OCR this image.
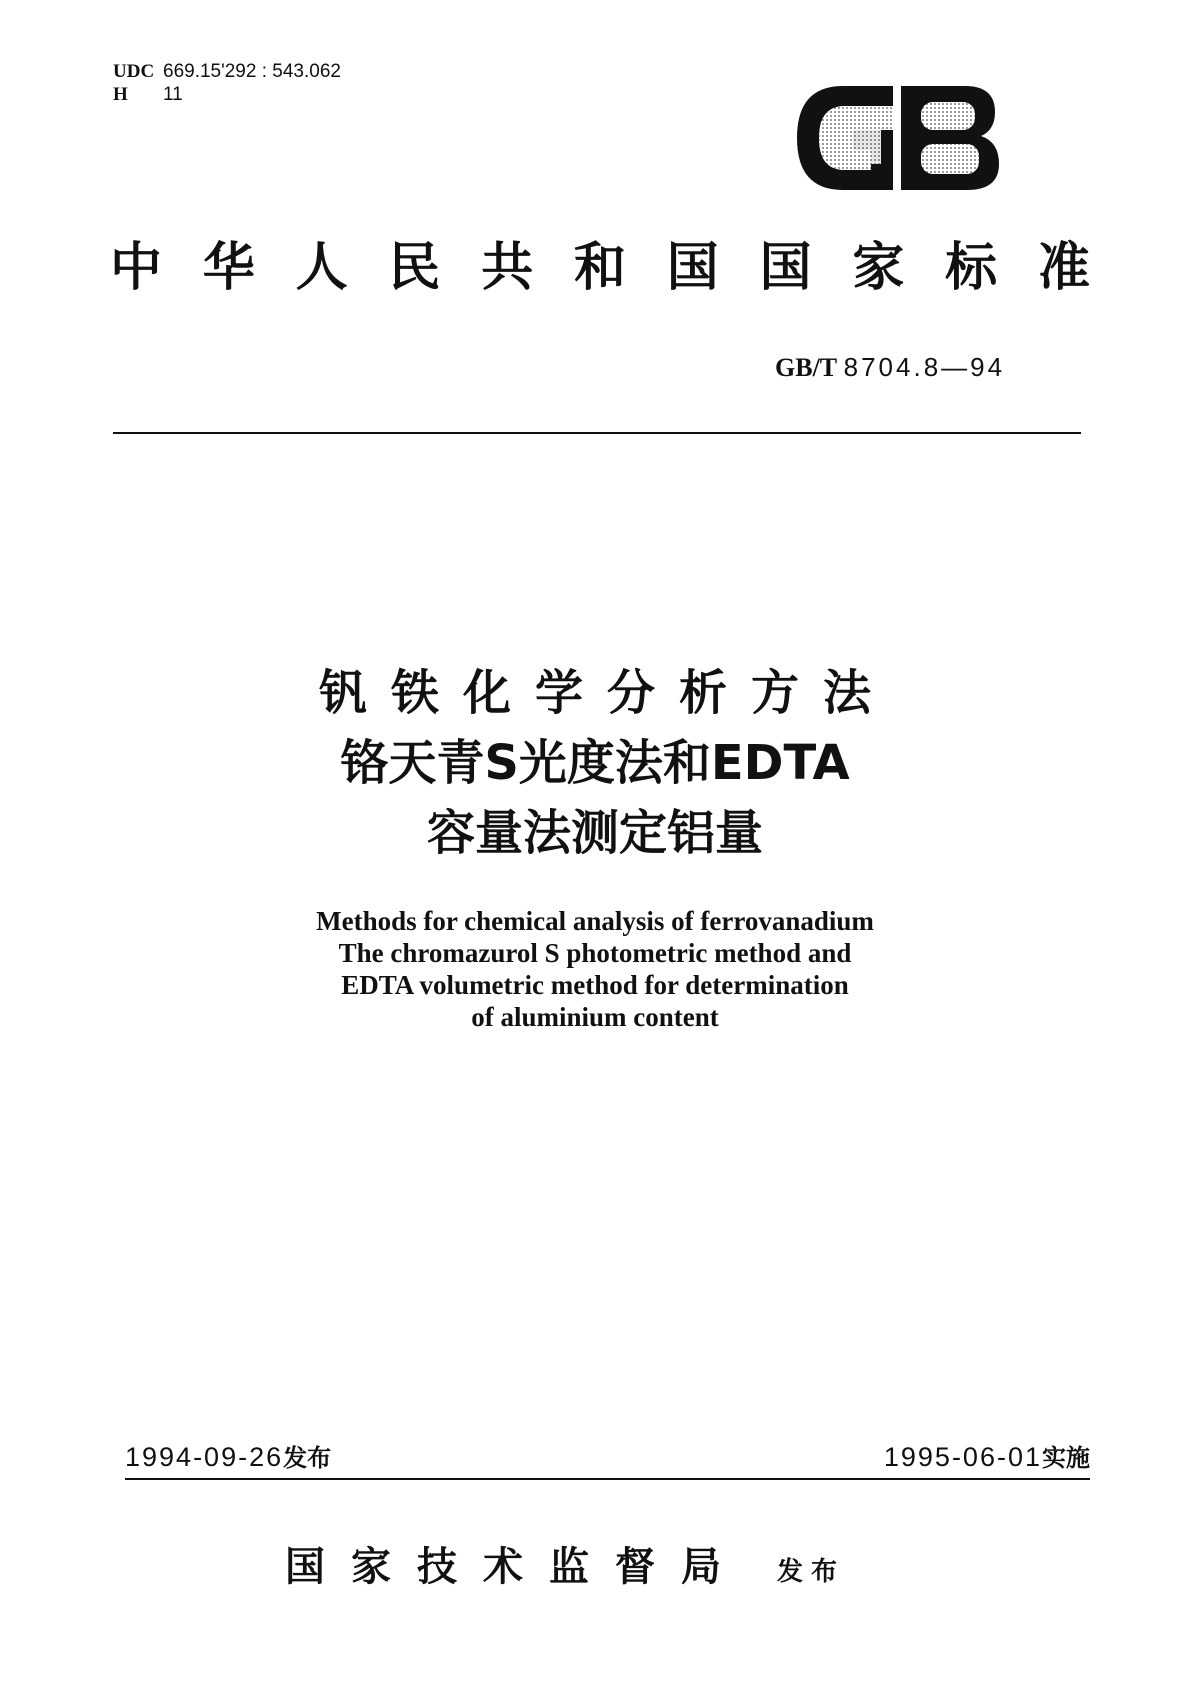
UDC 669.15'292 : 543.062
H 11
中 华 人 民 共 和 国 国 家 标 准
GB/T 8704.8—94
钒铁化学分析方法
铬天青S光度法和EDTA
容量法测定铝量
Methods for chemical analysis of ferrovanadium
The chromazurol S photometric method and
EDTA volumetric method for determination
of aluminium content
1994-09-26发布	1995-06-01实施
国家技术监督局 发布
